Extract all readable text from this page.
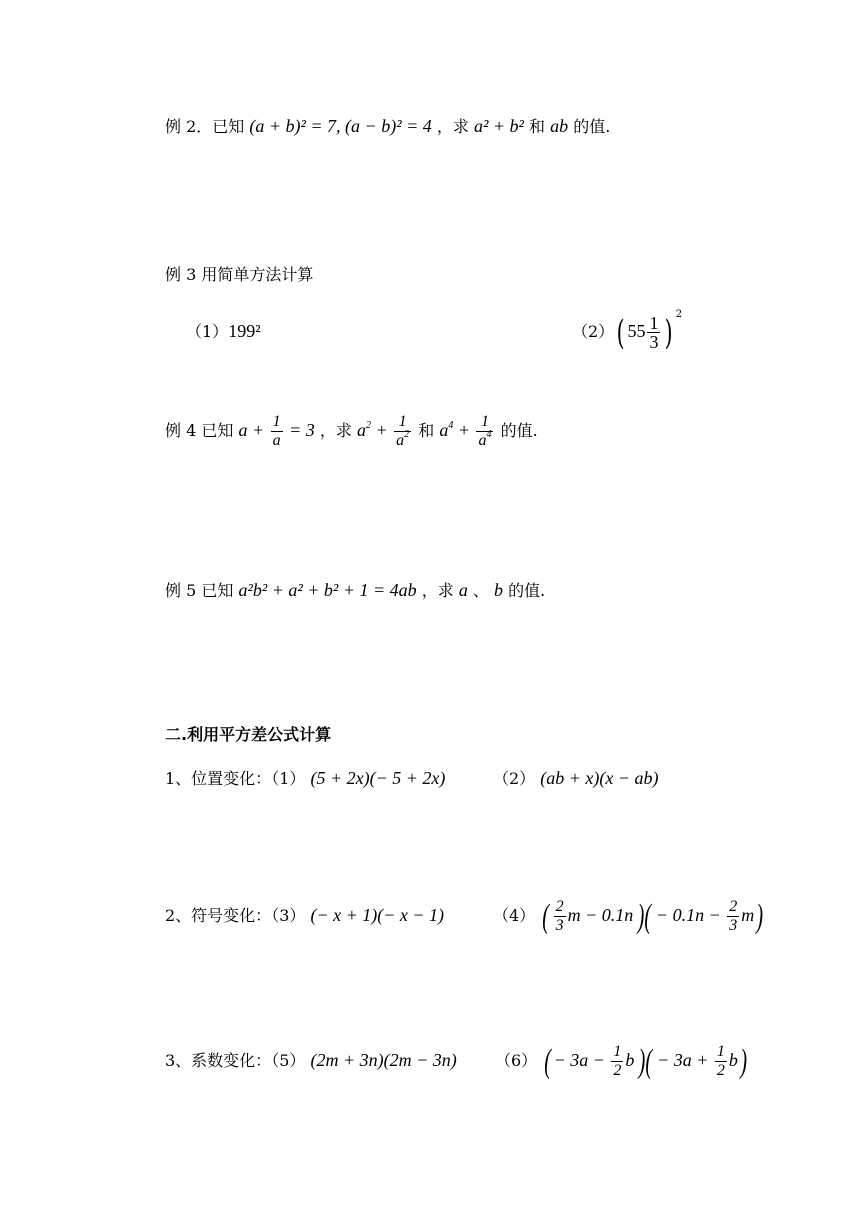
例 2．已知 (a + b)² = 7, (a − b)² = 4 ，求 a² + b² 和 ab 的值.
例 3 用简单方法计算
（1）199²	（2）( $55 \frac{1}{3}$ ) $^2$
例 4 已知 $a + \frac{1}{a} = 3$ ，求 $a^2 + \frac{1}{a^2}$ 和 $a^4 + \frac{1}{a^4}$ 的值.
例 5 已知 a²b² + a² + b² + 1 = 4ab ，求 a 、 b 的值.
二.利用平方差公式计算
1、位置变化：（1） (5 + 2x)(− 5 + 2x)	（2） (ab + x)(x − ab)
2、符号变化：（3） (− x + 1)(− x − 1)	（4） ( $\frac{2}{3}$ m − 0.1n )( − $0.1n - \frac{2}{3} m$)
3、系数变化：（5） (2m + 3n)(2m − 3n) （6） ( − $3a - \frac{1}{2}$ b )( − $3a + \frac{1}{2} b$)
